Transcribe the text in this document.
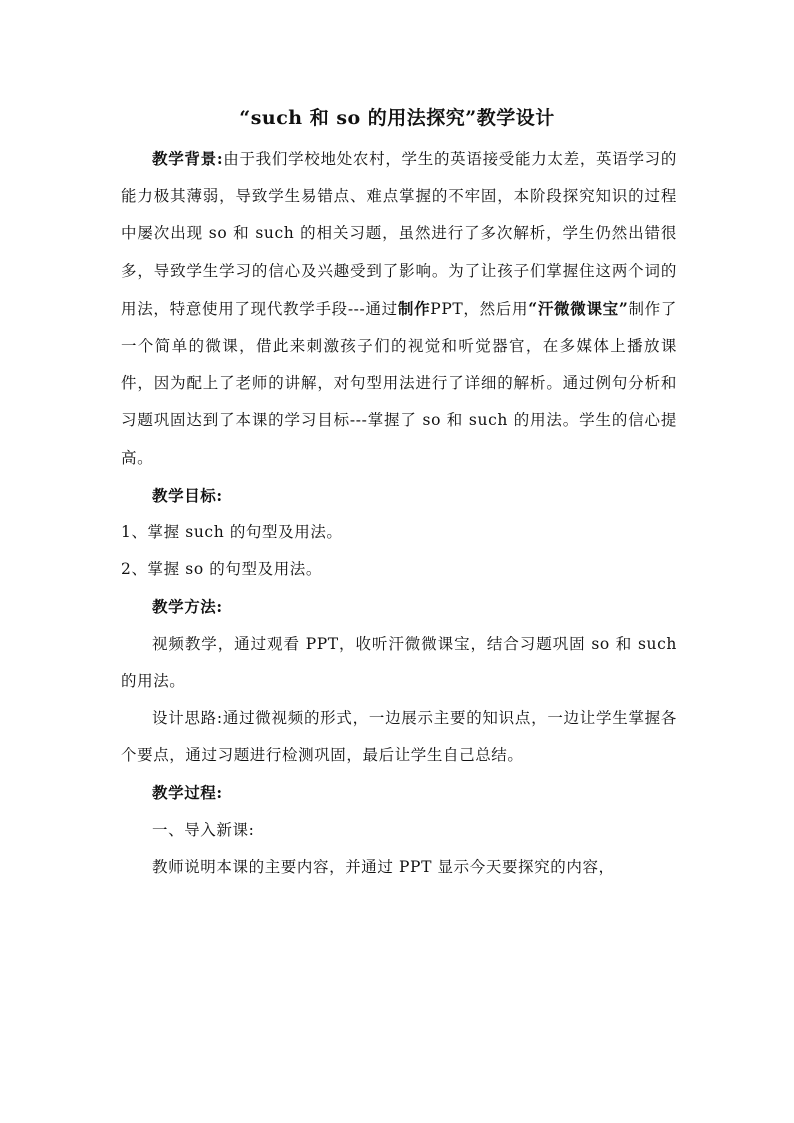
“such 和 so 的用法探究”教学设计

教学背景:由于我们学校地处农村，学生的英语接受能力太差，英语学习的能力极其薄弱，导致学生易错点、难点掌握的不牢固，本阶段探究知识的过程中屡次出现 so 和 such 的相关习题，虽然进行了多次解析，学生仍然出错很多，导致学生学习的信心及兴趣受到了影响。为了让孩子们掌握住这两个词的用法，特意使用了现代教学手段---通过制作PPT，然后用“汗微微课宝”制作了一个简单的微课，借此来刺激孩子们的视觉和听觉器官，在多媒体上播放课件，因为配上了老师的讲解，对句型用法进行了详细的解析。通过例句分析和习题巩固达到了本课的学习目标---掌握了 so 和 such 的用法。学生的信心提高。

教学目标:

1、掌握 such 的句型及用法。

2、掌握 so 的句型及用法。

教学方法:

视频教学，通过观看 PPT，收听汗微微课宝，结合习题巩固 so 和 such 的用法。

设计思路:通过微视频的形式，一边展示主要的知识点，一边让学生掌握各个要点，通过习题进行检测巩固，最后让学生自己总结。

教学过程:

一、导入新课:

教师说明本课的主要内容，并通过 PPT 显示今天要探究的内容，
